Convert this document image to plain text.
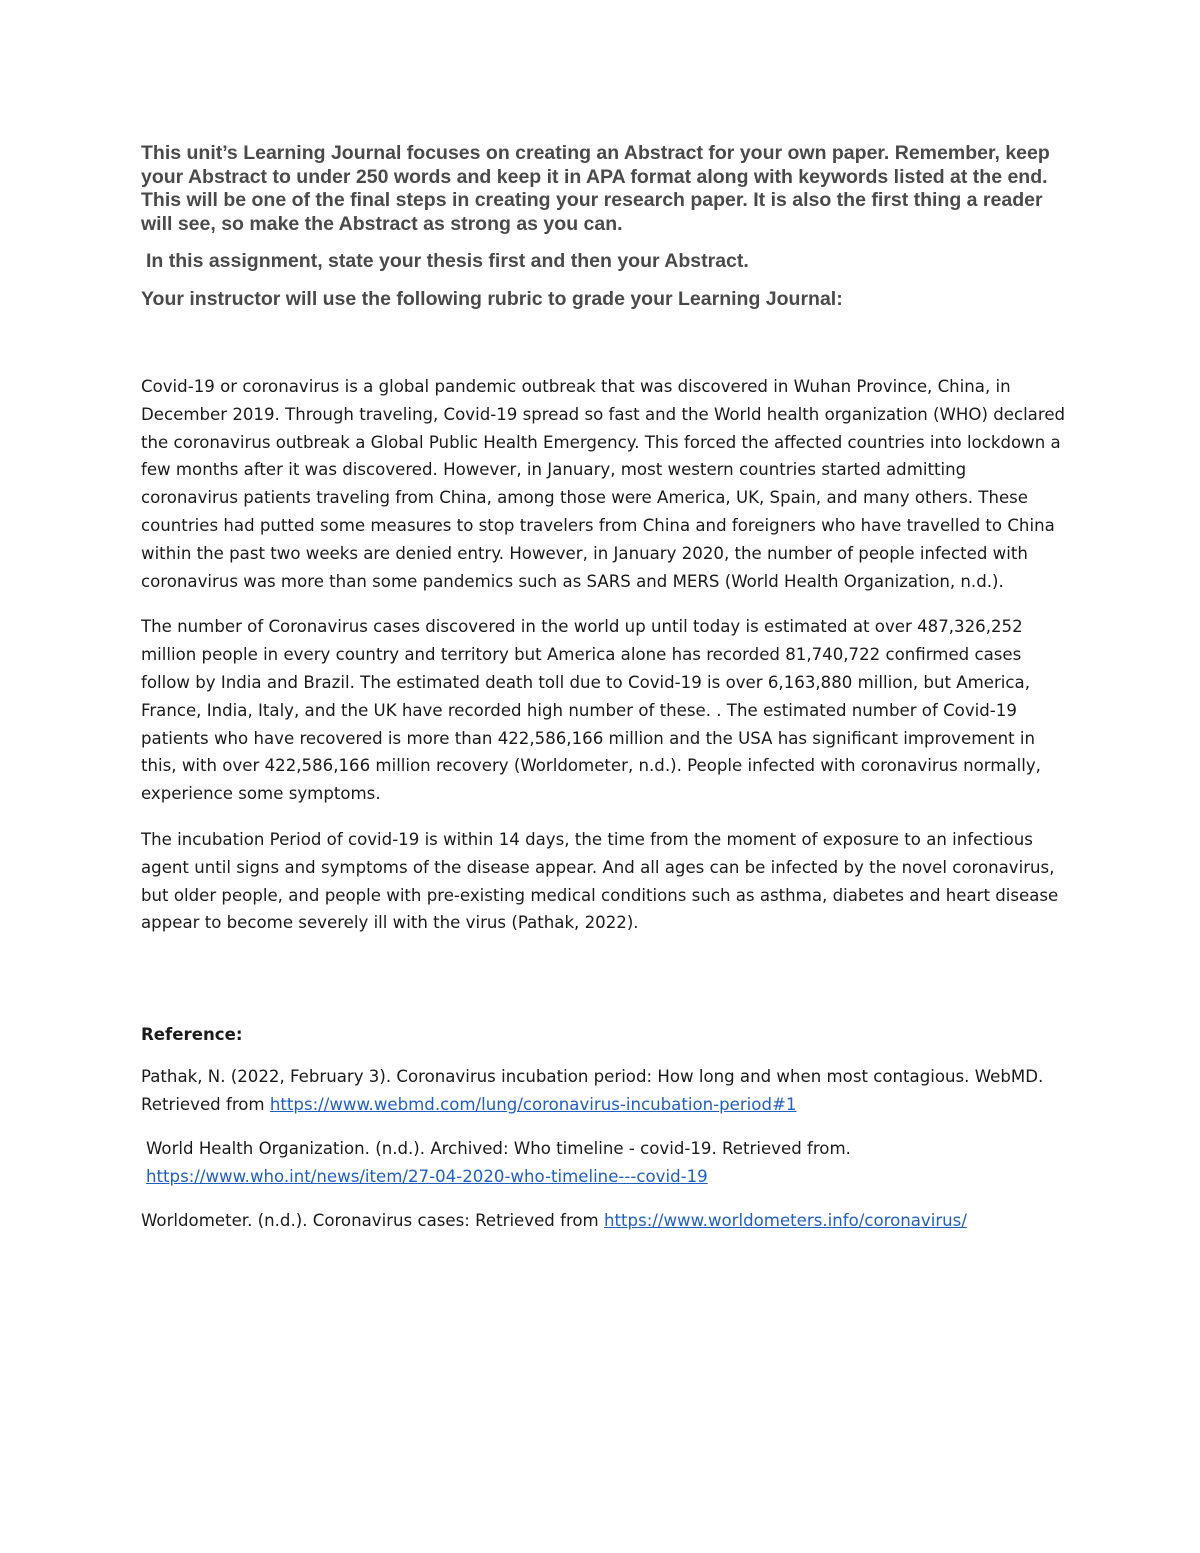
This unit’s Learning Journal focuses on creating an Abstract for your own paper. Remember, keep your Abstract to under 250 words and keep it in APA format along with keywords listed at the end. This will be one of the final steps in creating your research paper. It is also the first thing a reader will see, so make the Abstract as strong as you can.

In this assignment, state your thesis first and then your Abstract.

Your instructor will use the following rubric to grade your Learning Journal:

Covid-19 or coronavirus is a global pandemic outbreak that was discovered in Wuhan Province, China, in December 2019. Through traveling, Covid-19 spread so fast and the World health organization (WHO) declared the coronavirus outbreak a Global Public Health Emergency. This forced the affected countries into lockdown a few months after it was discovered. However, in January, most western countries started admitting coronavirus patients traveling from China, among those were America, UK, Spain, and many others. These countries had putted some measures to stop travelers from China and foreigners who have travelled to China within the past two weeks are denied entry. However, in January 2020, the number of people infected with coronavirus was more than some pandemics such as SARS and MERS (World Health Organization, n.d.).

The number of Coronavirus cases discovered in the world up until today is estimated at over 487,326,252 million people in every country and territory but America alone has recorded 81,740,722 confirmed cases follow by India and Brazil. The estimated death toll due to Covid-19 is over 6,163,880 million, but America, France, India, Italy, and the UK have recorded high number of these. . The estimated number of Covid-19 patients who have recovered is more than 422,586,166 million and the USA has significant improvement in this, with over 422,586,166 million recovery (Worldometer, n.d.). People infected with coronavirus normally, experience some symptoms.

The incubation Period of covid-19 is within 14 days, the time from the moment of exposure to an infectious agent until signs and symptoms of the disease appear. And all ages can be infected by the novel coronavirus, but older people, and people with pre-existing medical conditions such as asthma, diabetes and heart disease appear to become severely ill with the virus (Pathak, 2022).

Reference:

Pathak, N. (2022, February 3). Coronavirus incubation period: How long and when most contagious. WebMD. Retrieved from https://www.webmd.com/lung/coronavirus-incubation-period#1

World Health Organization. (n.d.). Archived: Who timeline - covid-19. Retrieved from. https://www.who.int/news/item/27-04-2020-who-timeline---covid-19

Worldometer. (n.d.). Coronavirus cases: Retrieved from https://www.worldometers.info/coronavirus/
